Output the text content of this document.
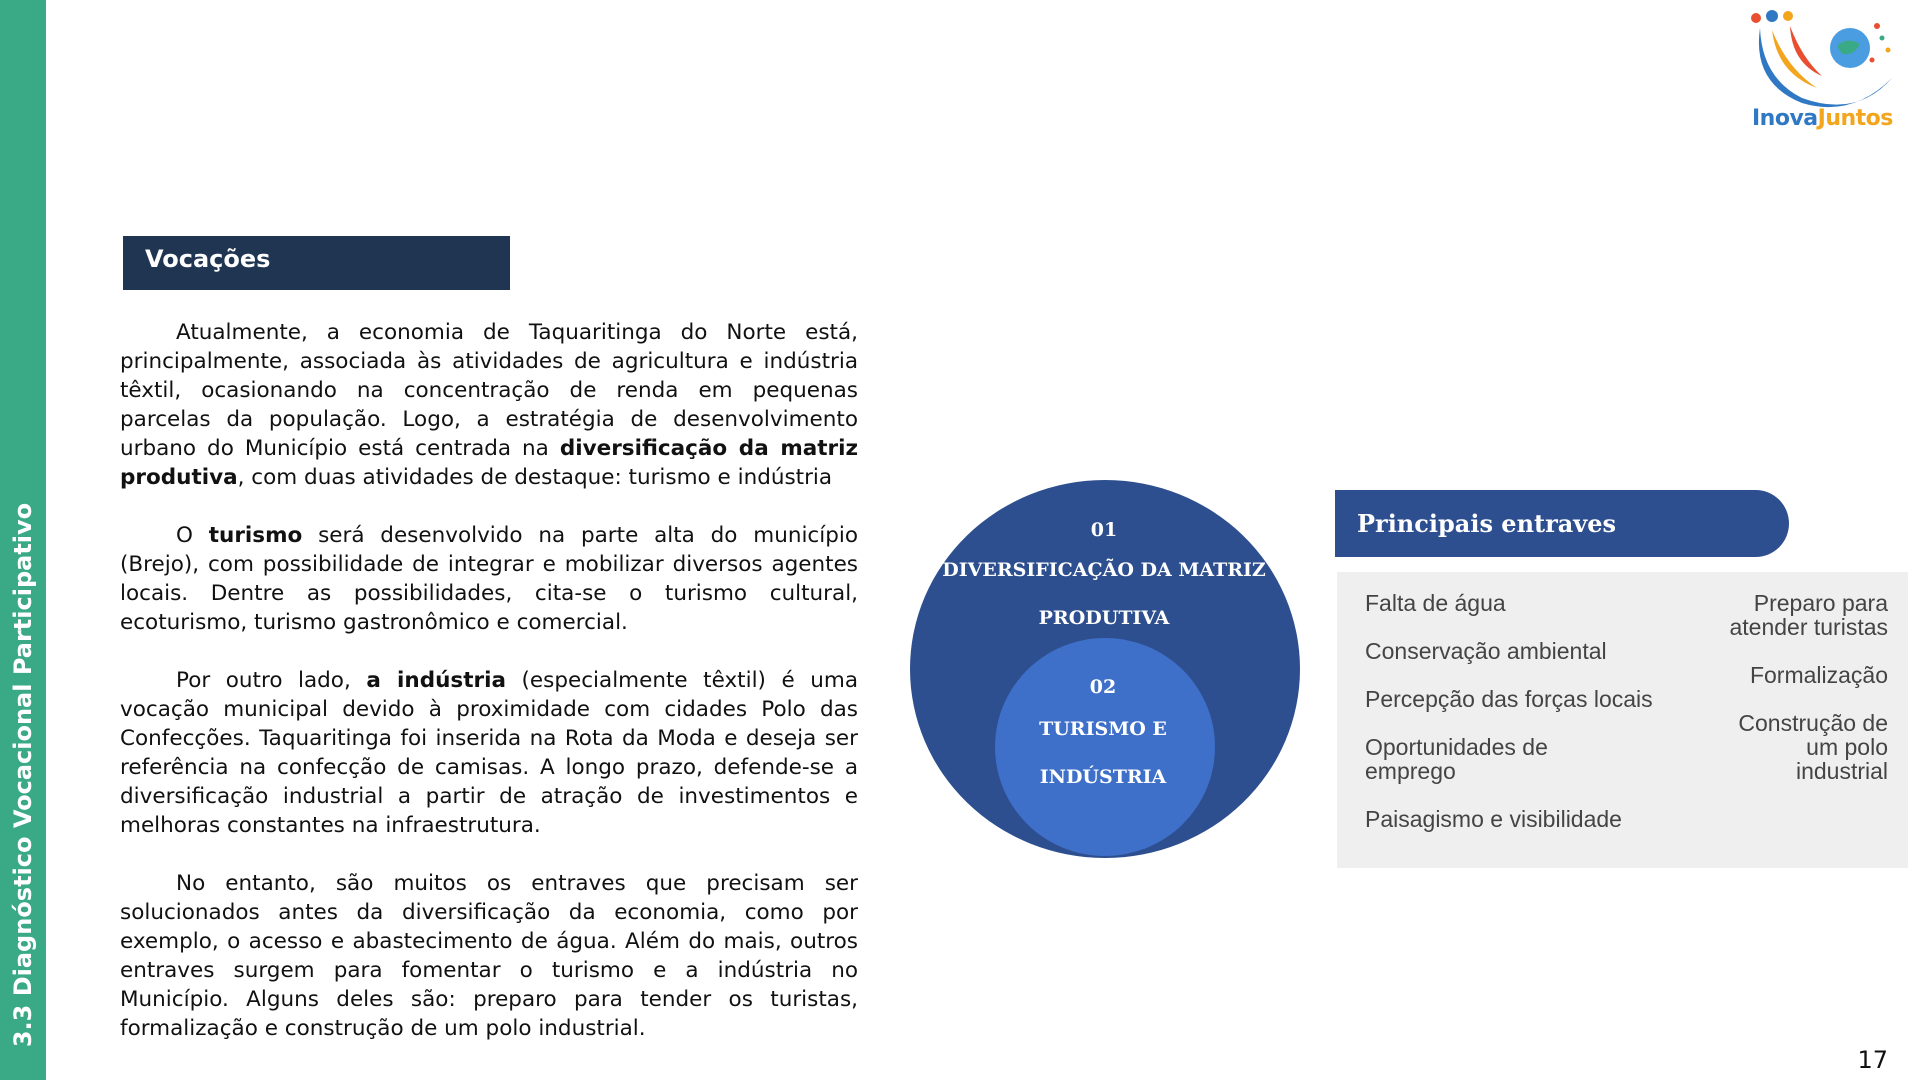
3.3 Diagnóstico Vocacional Participativo
InovaJuntos
Vocações

Atualmente, a economia de Taquaritinga do Norte está, principalmente, associada às atividades de agricultura e indústria têxtil, ocasionando na concentração de renda em pequenas parcelas da população. Logo, a estratégia de desenvolvimento urbano do Município está centrada na diversificação da matriz produtiva, com duas atividades de destaque: turismo e indústria

O turismo será desenvolvido na parte alta do município (Brejo), com possibilidade de integrar e mobilizar diversos agentes locais. Dentre as possibilidades, cita-se o turismo cultural, ecoturismo, turismo gastronômico e comercial.

Por outro lado, a indústria (especialmente têxtil) é uma vocação municipal devido à proximidade com cidades Polo das Confecções. Taquaritinga foi inserida na Rota da Moda e deseja ser referência na confecção de camisas. A longo prazo, defende-se a diversificação industrial a partir de atração de investimentos e melhoras constantes na infraestrutura.

No entanto, são muitos os entraves que precisam ser solucionados antes da diversificação da economia, como por exemplo, o acesso e abastecimento de água. Além do mais, outros entraves surgem para fomentar o turismo e a indústria no Município. Alguns deles são: preparo para tender os turistas, formalização e construção de um polo industrial.

01
DIVERSIFICAÇÃO DA MATRIZ
PRODUTIVA
02
TURISMO E
INDÚSTRIA
Principais entraves
Falta de água
Conservação ambiental
Percepção das forças locais
Oportunidades de
emprego
Paisagismo e visibilidade
Preparo para
atender turistas
Formalização
Construção de
um polo
industrial
17
